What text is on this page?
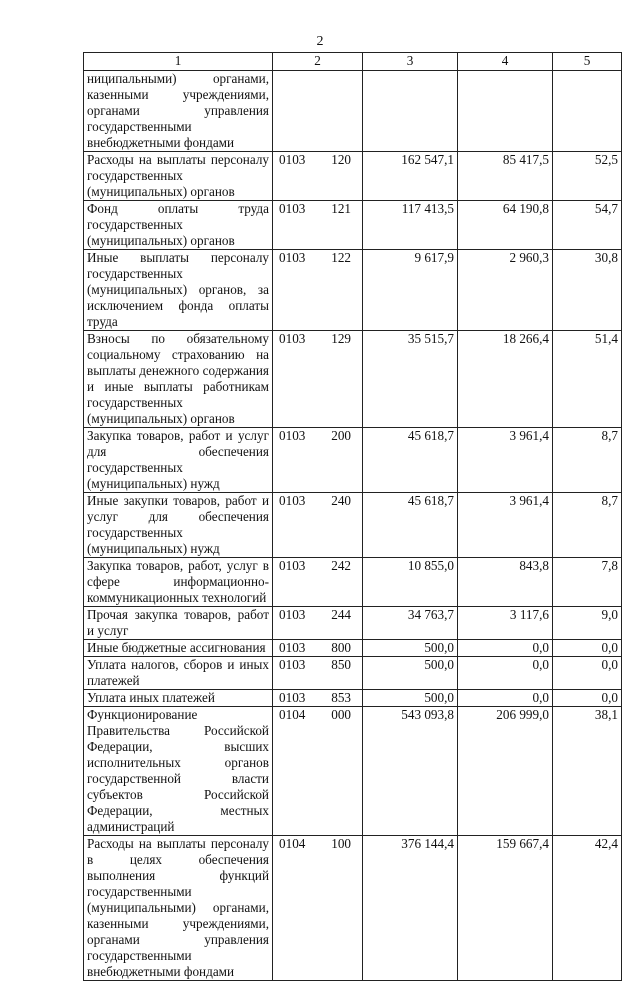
2
1	2	3	4	5
ниципальными) органами, казенными учреждениями, органами управления государственными внебюджетными фондами	

Расходы на выплаты персоналу государственных (муниципальных) органов	0103 120	162 547,1	85 417,5	52,5
Фонд оплаты труда государственных (муниципальных) органов	0103 121	117 413,5	64 190,8	54,7
Иные выплаты персоналу государственных (муниципальных) органов, за исключением фонда оплаты труда	0103 122	9 617,9	2 960,3	30,8
Взносы по обязательному социальному страхованию на выплаты денежного содержания и иные выплаты работникам государственных (муниципальных) органов	0103 129	35 515,7	18 266,4	51,4
Закупка товаров, работ и услуг для обеспечения государственных (муниципальных) нужд	0103 200	45 618,7	3 961,4	8,7
Иные закупки товаров, работ и услуг для обеспечения государственных (муниципальных) нужд	0103 240	45 618,7	3 961,4	8,7
Закупка товаров, работ, услуг в сфере информационно-коммуникационных технологий	0103 242	10 855,0	843,8	7,8
Прочая закупка товаров, работ и услуг	0103 244	34 763,7	3 117,6	9,0
Иные бюджетные ассигнования	0103 800	500,0	0,0	0,0
Уплата налогов, сборов и иных платежей	0103 850	500,0	0,0	0,0
Уплата иных платежей	0103 853	500,0	0,0	0,0
Функционирование Правительства Российской Федерации, высших исполнительных органов государственной власти субъектов Российской Федерации, местных администраций	0104 000	543 093,8	206 999,0	38,1
Расходы на выплаты персоналу в целях обеспечения выполнения функций государственными (муниципальными) органами, казенными учреждениями, органами управления государственными внебюджетными фондами	0104 100	376 144,4	159 667,4	42,4
